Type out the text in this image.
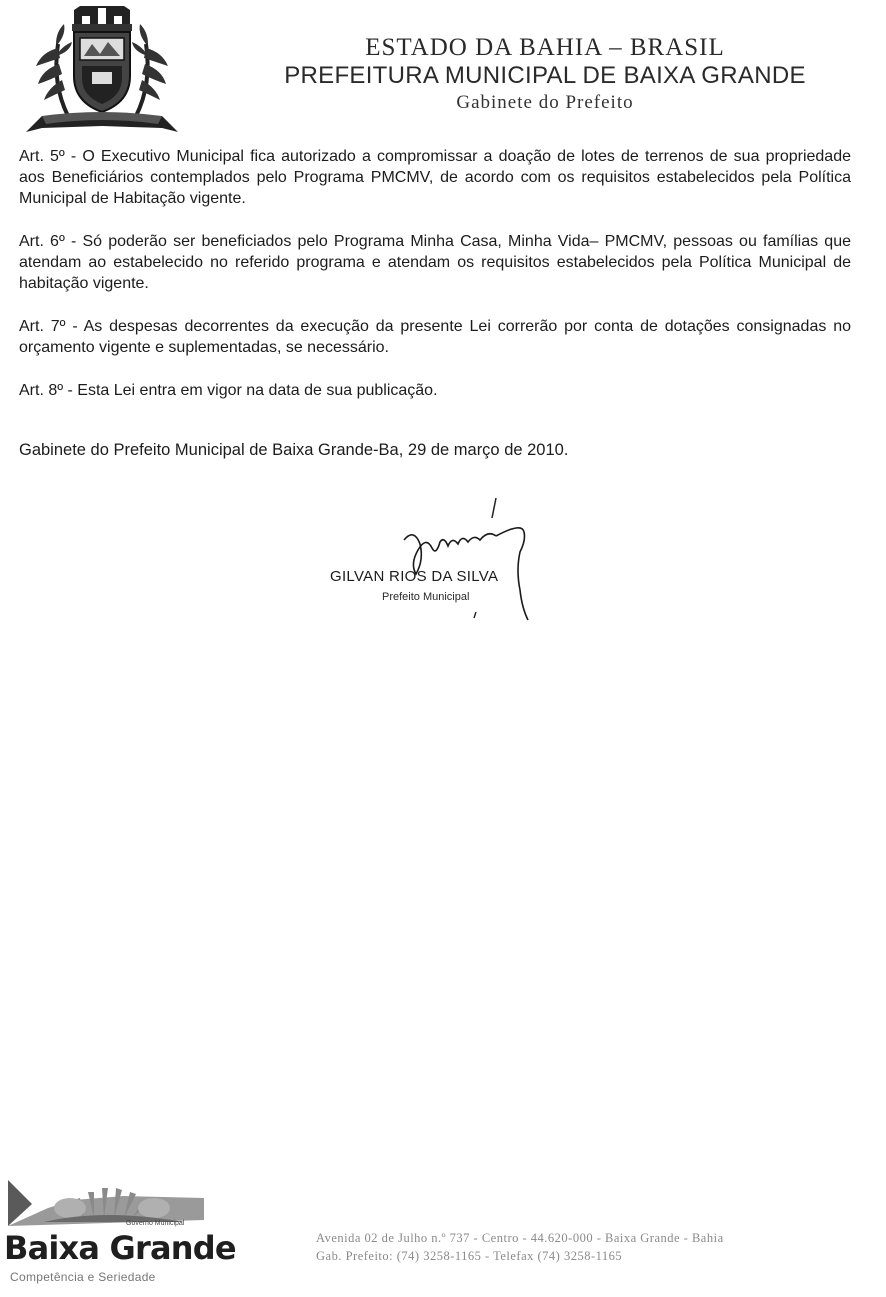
ESTADO DA BAHIA – BRASIL
PREFEITURA MUNICIPAL DE BAIXA GRANDE
Gabinete do Prefeito

Art. 5º - O Executivo Municipal fica autorizado a compromissar a doação de lotes de terrenos de sua propriedade aos Beneficiários contemplados pelo Programa PMCMV, de acordo com os requisitos estabelecidos pela Política Municipal de Habitação vigente.

Art. 6º - Só poderão ser beneficiados pelo Programa Minha Casa, Minha Vida– PMCMV, pessoas ou famílias que atendam ao estabelecido no referido programa e atendam os requisitos estabelecidos pela Política Municipal de habitação vigente.

Art. 7º - As despesas decorrentes da execução da presente Lei correrão por conta de dotações consignadas no orçamento vigente e suplementadas, se necessário.

Art. 8º - Esta Lei entra em vigor na data de sua publicação.

Gabinete do Prefeito Municipal de Baixa Grande-Ba, 29 de março de 2010.
GILVAN RIOS DA SILVA
Prefeito Municipal
Governo Municipal
Baixa Grande
Competência e Seriedade
Avenida 02 de Julho n.º 737 - Centro - 44.620-000 - Baixa Grande - Bahia
Gab. Prefeito: (74) 3258-1165 - Telefax (74) 3258-1165
